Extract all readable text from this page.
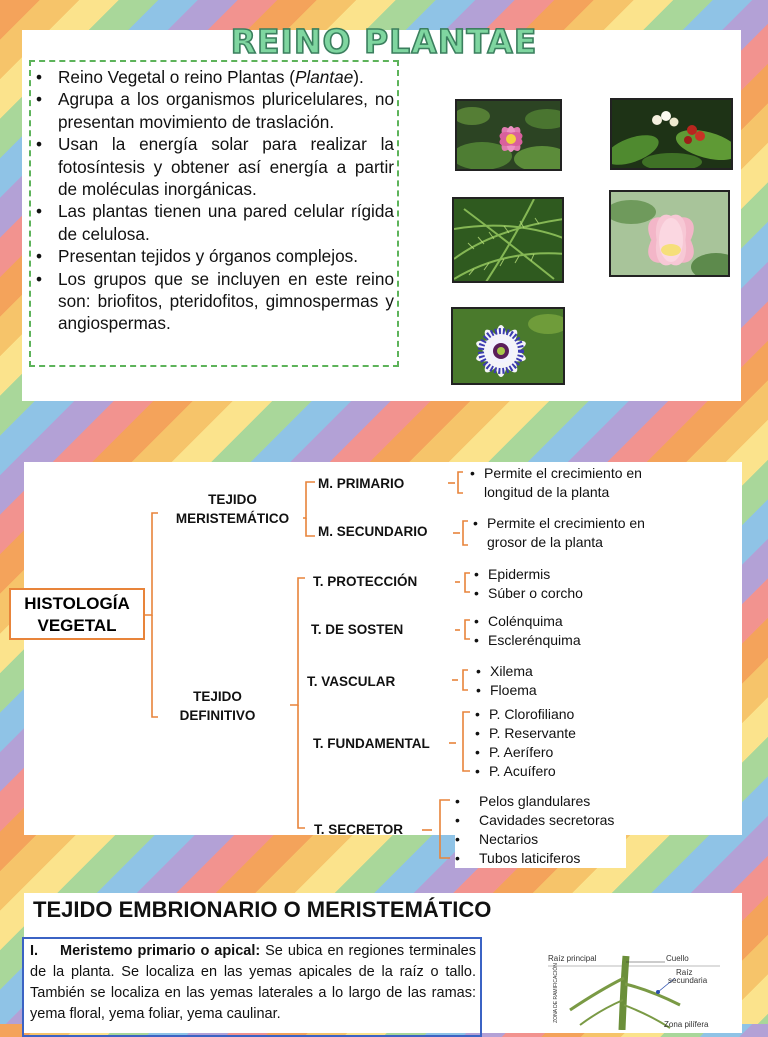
REINO PLANTAE
• Reino Vegetal o reino Plantas (Plantae).
• Agrupa a los organismos pluricelulares, no presentan movimiento de traslación.
• Usan la energía solar para realizar la fotosíntesis y obtener así energía a partir de moléculas inorgánicas.
• Las plantas tienen una pared celular rígida de celulosa.
• Presentan tejidos y órganos complejos.
• Los grupos que se incluyen en este reino son: briofitos, pteridofitos, gimnospermas y angiospermas.
HISTOLOGÍA
VEGETAL
TEJIDO
MERISTEMÁTICO
M. PRIMARIO
• Permite el crecimiento en
longitud de la planta
M. SECUNDARIO
• Permite el crecimiento en
grosor de la planta
TEJIDO
DEFINITIVO
T. PROTECCIÓN	• Epidermis
• Súber o corcho
T. DE SOSTEN
• Colénquima
• Esclerénquima
T. VASCULAR
• Xilema
• Floema
T. FUNDAMENTAL
• P. Clorofiliano
• P. Reservante
• P. Aerífero
• P. Acuífero
T. SECRETOR
• Pelos glandulares
• Cavidades secretoras
• Nectarios
• Tubos laticiferos
TEJIDO EMBRIONARIO O MERISTEMÁTICO
I. Meristemo primario o apical: Se ubica en regiones terminales de la planta. Se localiza en las yemas apicales de la raíz o tallo. También se localiza en las yemas laterales a lo largo de las ramas: yema floral, yema foliar, yema caulinar.
Raíz principal	Cuello
Raíz
secundaria
ZONA DE RAMIFICACIÓN
Zona pilífera
